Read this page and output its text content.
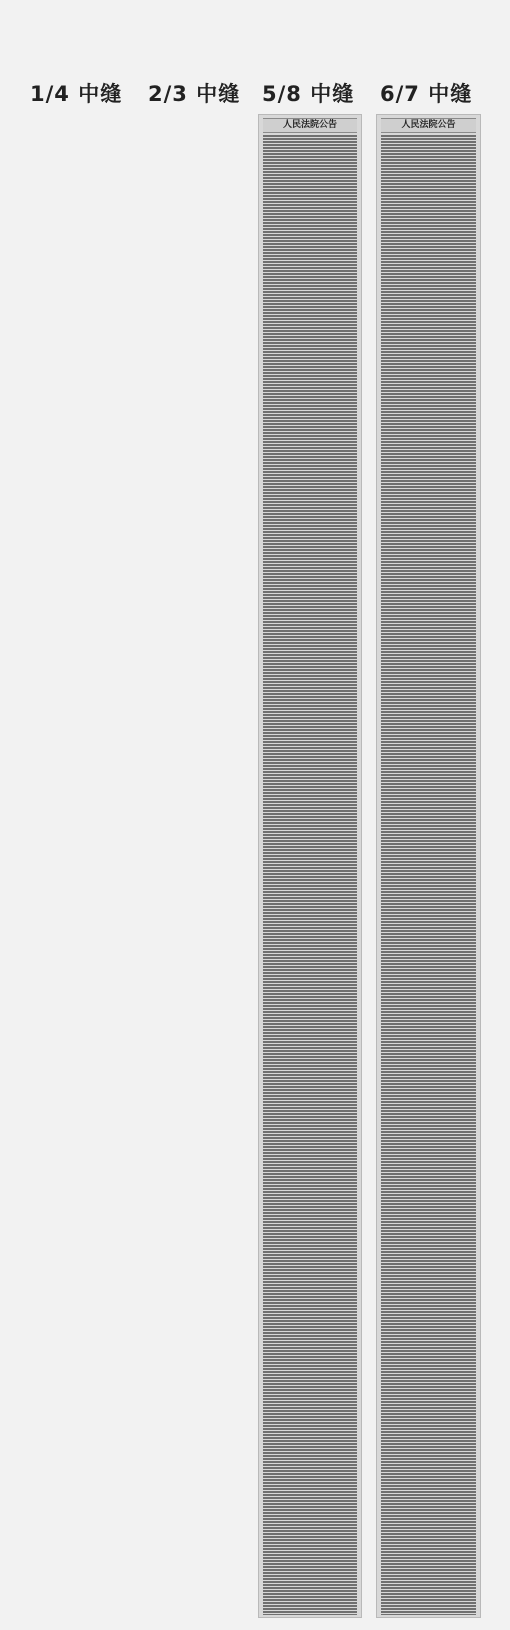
1/4 中缝 2/3 中缝 5/8 中缝 6/7 中缝
人民法院公告	人民法院公告
